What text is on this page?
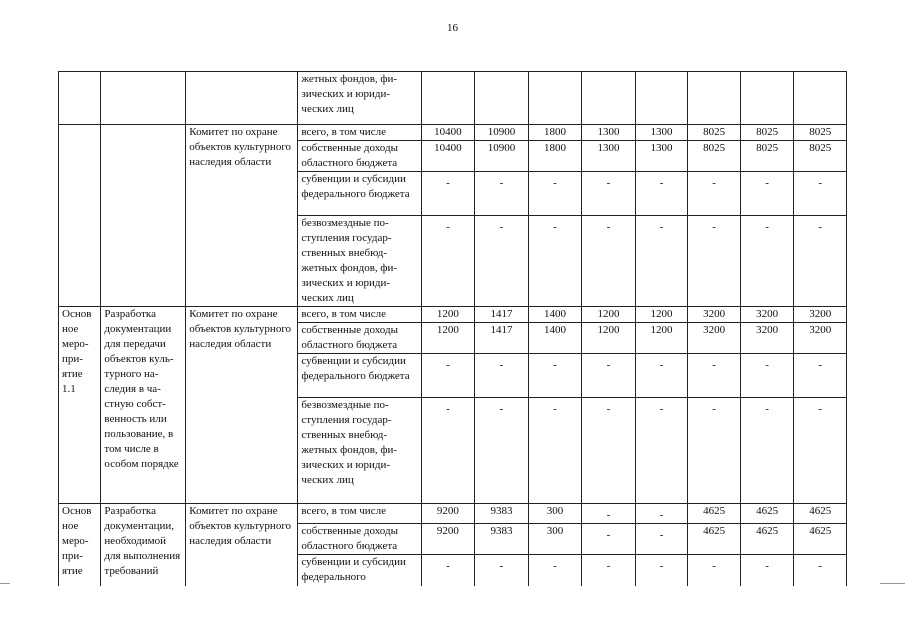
16
			жетных фондов, физических и юридических лиц								
		Комитет по охране объектов культурного наследия области	всего, в том числе	10400	10900	1800	1300	1300	8025	8025	8025
			собственные доходы областного бюджета	10400	10900	1800	1300	1300	8025	8025	8025
			субвенции и субсидии федерального бюджета	-	-	-	-	-	-	-	-
			безвозмездные поступления государственных внебюджетных фондов, физических и юридических лиц	-	-	-	-	-	-	-	-
Основ ное мероприятие 1.1	Разработка документации для передачи объектов культурного наследия в частную собственность или пользование, в том числе в особом порядке	Комитет по охране объектов культурного наследия области	всего, в том числе	1200	1417	1400	1200	1200	3200	3200	3200
			собственные доходы областного бюджета	1200	1417	1400	1200	1200	3200	3200	3200
			субвенции и субсидии федерального бюджета	-	-	-	-	-	-	-	-
			безвозмездные поступления государственных внебюджетных фондов, физических и юридических лиц	-	-	-	-	-	-	-	-
Основ ное мероприятие	Разработка документации, необходимой для выполнения требований	Комитет по охране объектов культурного наследия области	всего, в том числе	9200	9383	300	-	-	4625	4625	4625
			собственные доходы областного бюджета	9200	9383	300	-	-	4625	4625	4625
			субвенции и субсидии федерального	-	-	-	-	-	-	-	-
